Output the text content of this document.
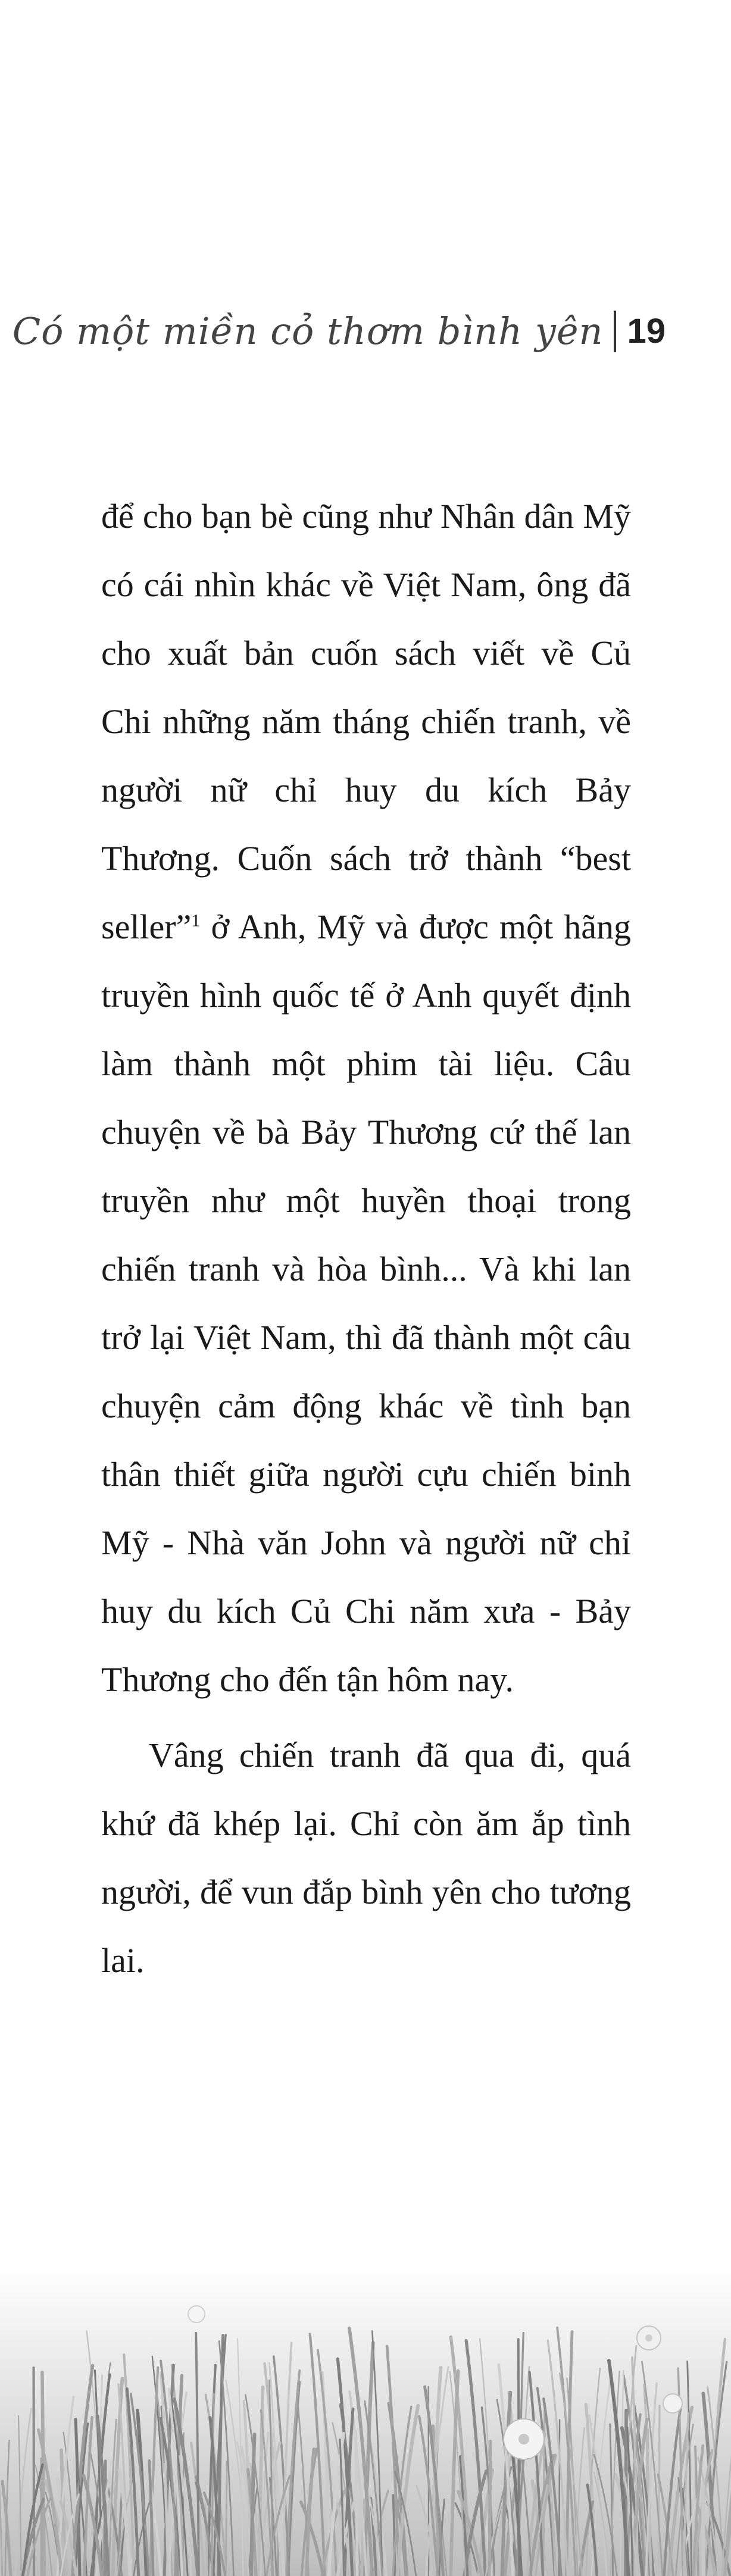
Có một miền cỏ thơm bình yên 19

để cho bạn bè cũng như Nhân dân Mỹ có cái nhìn khác về Việt Nam, ông đã cho xuất bản cuốn sách viết về Củ Chi những năm tháng chiến tranh, về người nữ chỉ huy du kích Bảy Thương. Cuốn sách trở thành “best seller”$^1$ ở Anh, Mỹ và được một hãng truyền hình quốc tế ở Anh quyết định làm thành một phim tài liệu. Câu chuyện về bà Bảy Thương cứ thế lan truyền như một huyền thoại trong chiến tranh và hòa bình... Và khi lan trở lại Việt Nam, thì đã thành một câu chuyện cảm động khác về tình bạn thân thiết giữa người cựu chiến binh Mỹ - Nhà văn John và người nữ chỉ huy du kích Củ Chi năm xưa - Bảy Thương cho đến tận hôm nay.

Vâng chiến tranh đã qua đi, quá khứ đã khép lại. Chỉ còn ăm ắp tình người, để vun đắp bình yên cho tương lai.
